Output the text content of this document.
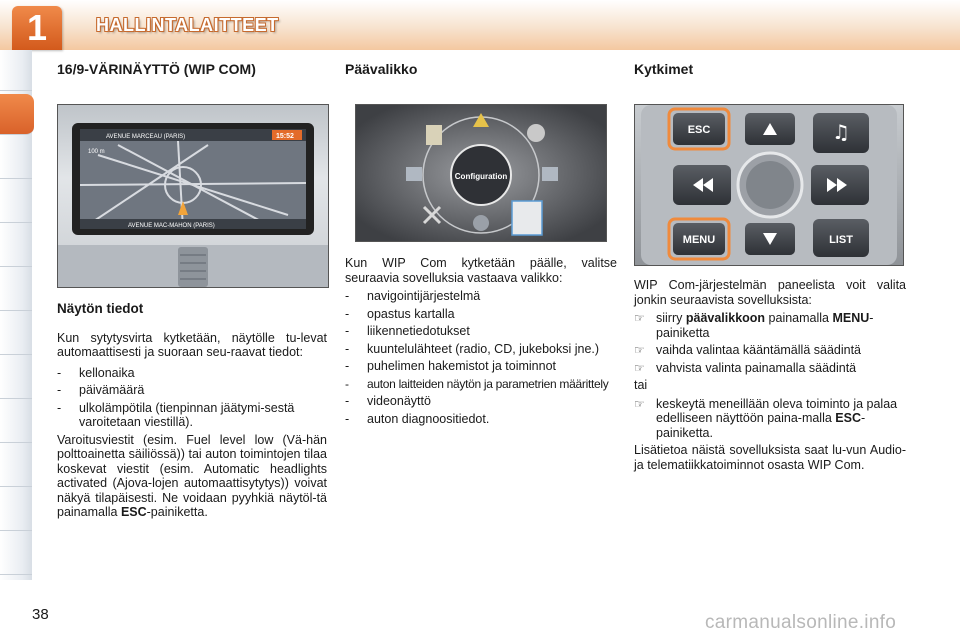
1	HALLINTALAITTEET
16/9-VÄRINÄYTTÖ (WIP COM)
AVENUE MARCEAU (PARIS)	15:52
100 m
AVENUE MAC-MAHON (PARIS)
Näytön tiedot

Kun sytytysvirta kytketään, näytölle tu-levat automaattisesti ja suoraan seu-raavat tiedot:

- kellonaika
- päivämäärä
- ulkolämpötila (tienpinnan jäätymi-sestä varoitetaan viestillä).

Varoitusviestit (esim. Fuel level low (Vä-hän polttoainetta säiliössä)) tai auton toimintojen tilaa koskevat viestit (esim. Automatic headlights activated (Ajova-lojen automaattisytytys)) voivat näkyä tilapäisesti. Ne voidaan pyyhkiä näytöl-tä painamalla ESC-painiketta.

Päävalikko
Configuration

Kun WIP Com kytketään päälle, valitse seuraavia sovelluksia vastaava valikko:

- navigointijärjestelmä
- opastus kartalla
- liikennetiedotukset
- kuuntelulähteet (radio, CD, jukeboksi jne.)
- puhelimen hakemistot ja toiminnot
- auton laitteiden näytön ja parametrien määrittely
- videonäyttö
- auton diagnoositiedot.
Kytkimet
ESC	♫
MENU	LIST

WIP Com-järjestelmän paneelista voit valita jonkin seuraavista sovelluksista:

☞ siirry päävalikkoon painamalla MENU-painiketta
☞ vaihda valintaa kääntämällä säädintä
☞ vahvista valinta painamalla säädintä

tai

☞ keskeytä meneillään oleva toiminto ja palaa edelliseen näyttöön paina-malla ESC-painiketta.

Lisätietoa näistä sovelluksista saat lu-vun Audio- ja telematiikkatoiminnot osasta WIP Com.

38	carmanualsonline.info
